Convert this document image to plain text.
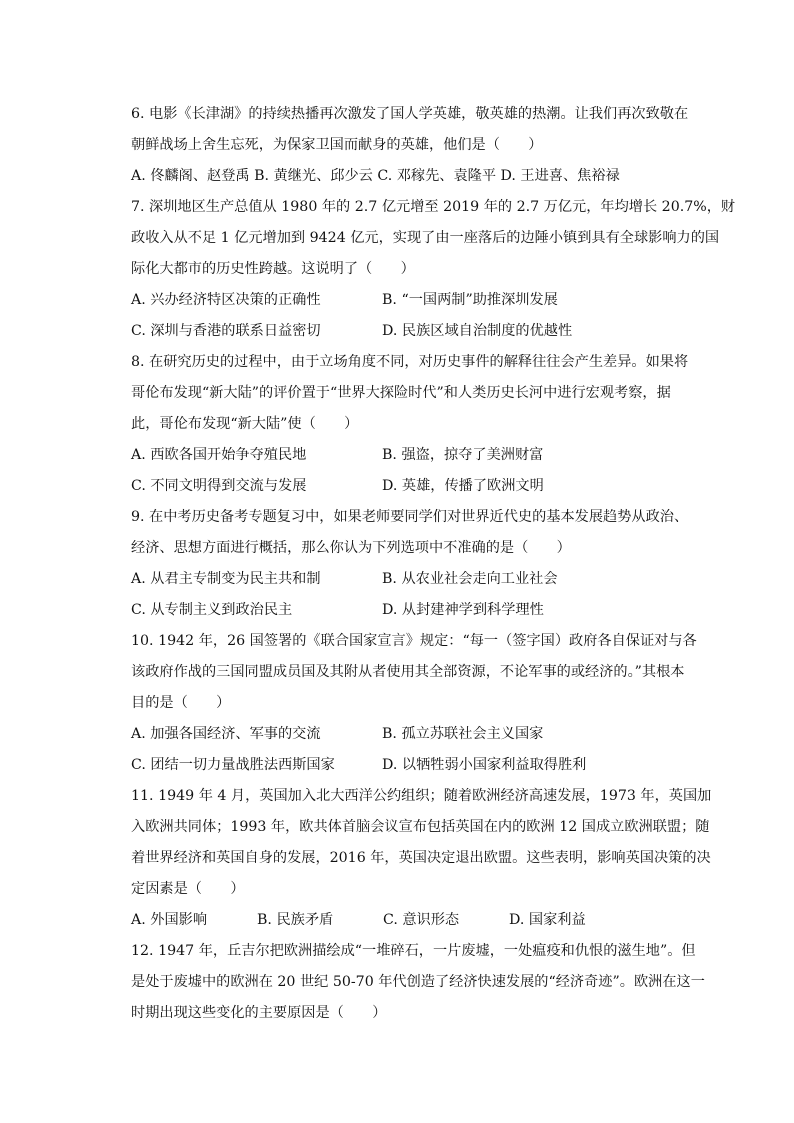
6. 电影《长津湖》的持续热播再次激发了国人学英雄，敬英雄的热潮。让我们再次致敬在
朝鲜战场上舍生忘死，为保家卫国而献身的英雄，他们是（　　）
A. 佟麟阁、赵登禹 B. 黄继光、邱少云 C. 邓稼先、袁隆平 D. 王进喜、焦裕禄
7. 深圳地区生产总值从 1980 年的 2.7 亿元增至 2019 年的 2.7 万亿元，年均增长 20.7%，财
政收入从不足 1 亿元增加到 9424 亿元，实现了由一座落后的边陲小镇到具有全球影响力的国
际化大都市的历史性跨越。这说明了（　　）
A. 兴办经济特区决策的正确性	B. “一国两制”助推深圳发展
C. 深圳与香港的联系日益密切	D. 民族区域自治制度的优越性
8. 在研究历史的过程中，由于立场角度不同，对历史事件的解释往往会产生差异。如果将
哥伦布发现“新大陆”的评价置于“世界大探险时代”和人类历史长河中进行宏观考察，据
此，哥伦布发现“新大陆”使（　　）
A. 西欧各国开始争夺殖民地	B. 强盗，掠夺了美洲财富
C. 不同文明得到交流与发展	D. 英雄，传播了欧洲文明
9. 在中考历史备考专题复习中，如果老师要同学们对世界近代史的基本发展趋势从政治、
经济、思想方面进行概括，那么你认为下列选项中不准确的是（　　）
A. 从君主专制变为民主共和制	B. 从农业社会走向工业社会
C. 从专制主义到政治民主	D. 从封建神学到科学理性
10. 1942 年，26 国签署的《联合国家宣言》规定：“每一（签字国）政府各自保证对与各
该政府作战的三国同盟成员国及其附从者使用其全部资源，不论军事的或经济的。”其根本
目的是（　　）
A. 加强各国经济、军事的交流	B. 孤立苏联社会主义国家
C. 团结一切力量战胜法西斯国家	D. 以牺牲弱小国家利益取得胜利
11. 1949 年 4 月，英国加入北大西洋公约组织；随着欧洲经济高速发展，1973 年，英国加
入欧洲共同体；1993 年，欧共体首脑会议宣布包括英国在内的欧洲 12 国成立欧洲联盟；随
着世界经济和英国自身的发展，2016 年，英国决定退出欧盟。这些表明，影响英国决策的决
定因素是（　　）
A. 外国影响	B. 民族矛盾	C. 意识形态	D. 国家利益
12. 1947 年，丘吉尔把欧洲描绘成“一堆碎石，一片废墟，一处瘟疫和仇恨的滋生地”。但
是处于废墟中的欧洲在 20 世纪 50-70 年代创造了经济快速发展的“经济奇迹”。欧洲在这一
时期出现这些变化的主要原因是（　　）
